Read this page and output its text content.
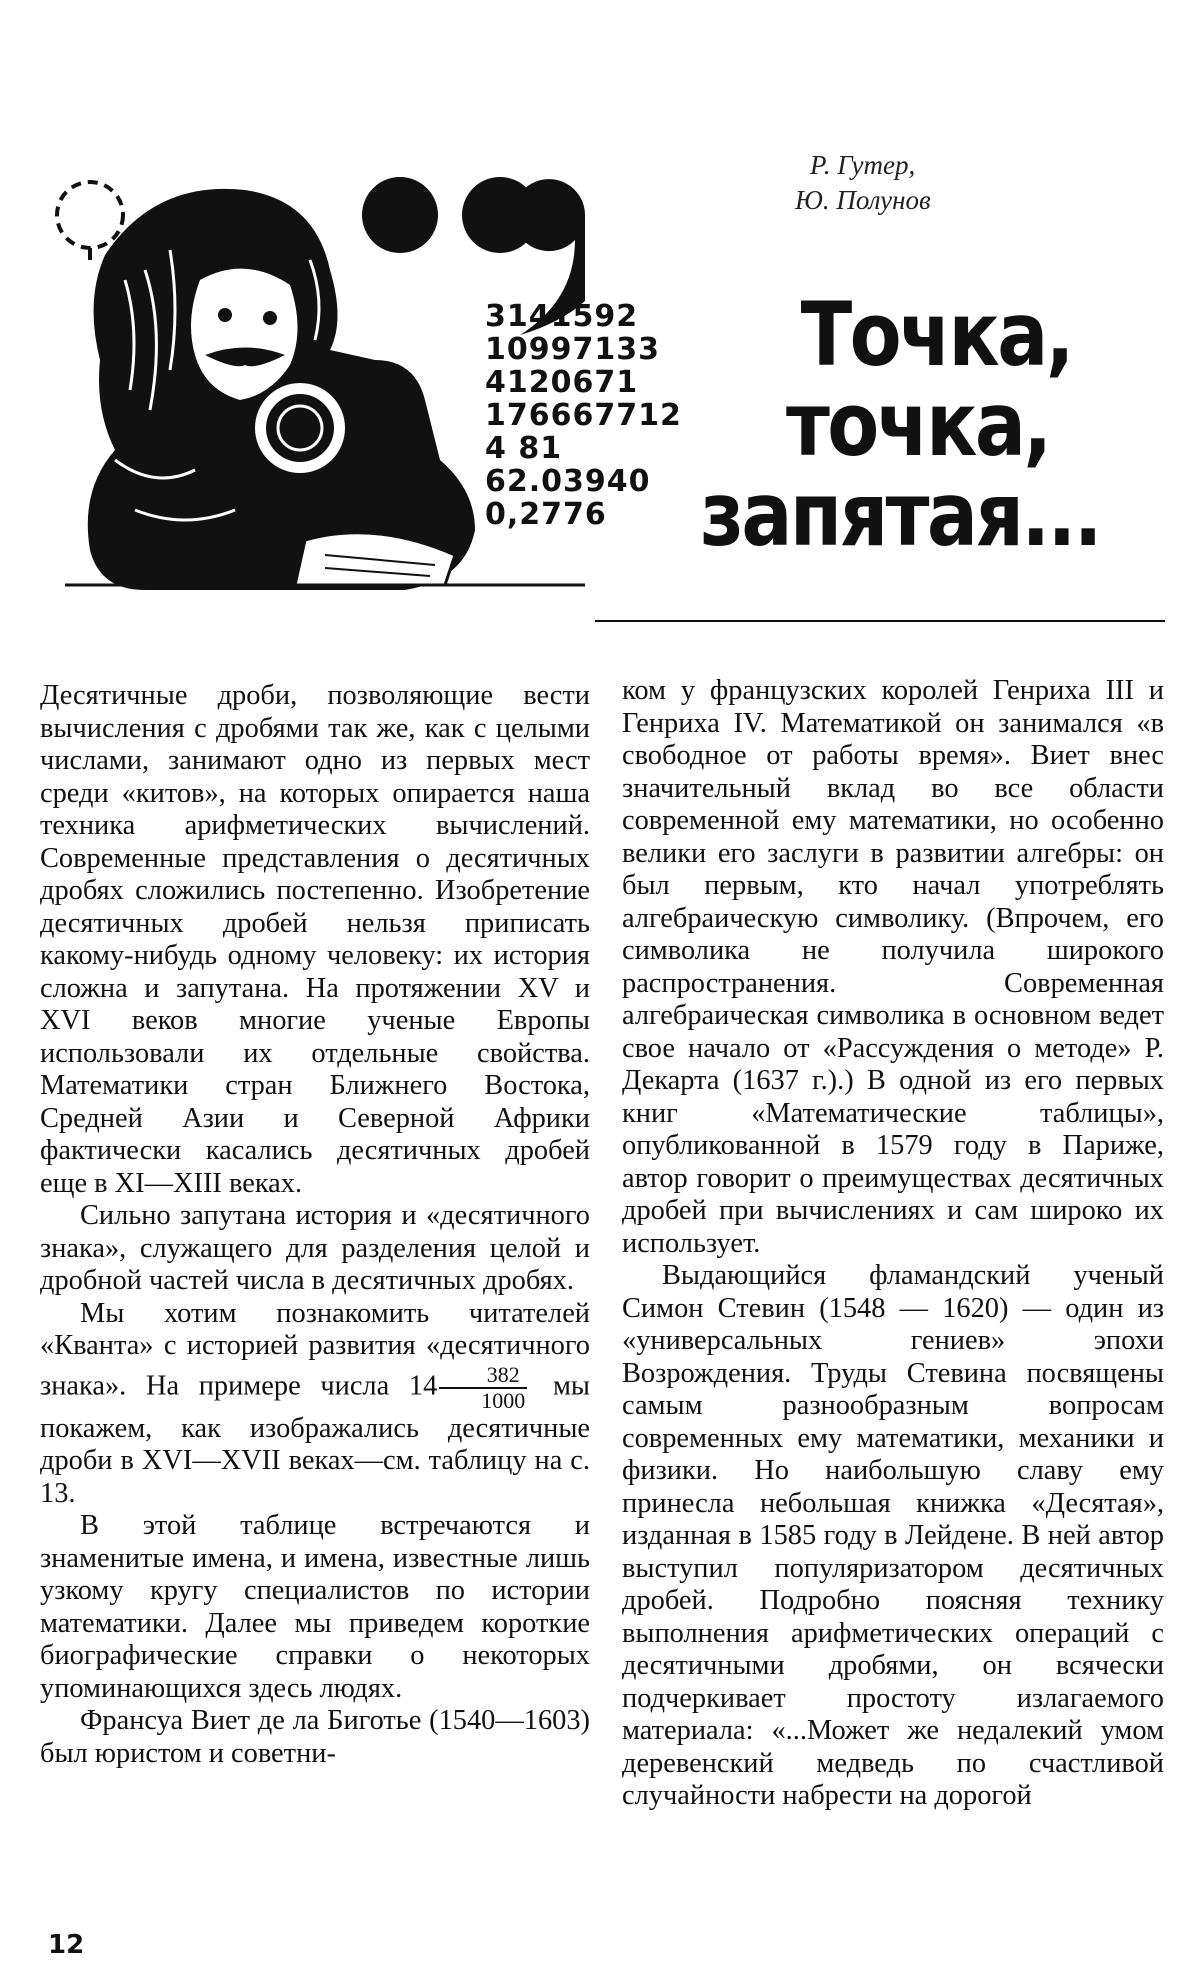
Р. Гутер,
Ю. Полунов
Точка,
точка,
запятая...
3141592
10997133
4120671
176667712
4 81
62.03940
0,2776

Десятичные дроби, позволяющие вести вычисления с дробями так же, как с целыми числами, занимают одно из первых мест среди «китов», на которых опирается наша техника арифметических вычислений. Современные представления о десятичных дробях сложились постепенно. Изобретение десятичных дробей нельзя приписать какому-нибудь одному человеку: их история сложна и запутана. На протяжении XV и XVI веков многие ученые Европы использовали их отдельные свойства. Математики стран Ближнего Востока, Средней Азии и Северной Африки фактически касались десятичных дробей еще в XI—XIII веках.

Сильно запутана история и «десятичного знака», служащего для разделения целой и дробной частей числа в десятичных дробях.

Мы хотим познакомить читателей «Кванта» с историей развития «десятичного знака». На примере числа $14 \frac{382}{1000}$ мы покажем, как изображались десятичные дроби в XVI—XVII веках—см. таблицу на с. 13.

В этой таблице встречаются и знаменитые имена, и имена, известные лишь узкому кругу специалистов по истории математики. Далее мы приведем короткие биографические справки о некоторых упоминающихся здесь людях.

Франсуа Виет де ла Биготье (1540—1603) был юристом и советни-

ком у французских королей Генриха III и Генриха IV. Математикой он занимался «в свободное от работы время». Виет внес значительный вклад во все области современной ему математики, но особенно велики его заслуги в развитии алгебры: он был первым, кто начал употреблять алгебраическую символику. (Впрочем, его символика не получила широкого распространения. Современная алгебраическая символика в основном ведет свое начало от «Рассуждения о методе» Р. Декарта (1637 г.).) В одной из его первых книг «Математические таблицы», опубликованной в 1579 году в Париже, автор говорит о преимуществах десятичных дробей при вычислениях и сам широко их использует.

Выдающийся фламандский ученый Симон Стевин (1548 — 1620) — один из «универсальных гениев» эпохи Возрождения. Труды Стевина посвящены самым разнообразным вопросам современных ему математики, механики и физики. Но наибольшую славу ему принесла небольшая книжка «Десятая», изданная в 1585 году в Лейдене. В ней автор выступил популяризатором десятичных дробей. Подробно поясняя технику выполнения арифметических операций с десятичными дробями, он всячески подчеркивает простоту излагаемого материала: «...Может же недалекий умом деревенский медведь по счастливой случайности набрести на дорогой

12
